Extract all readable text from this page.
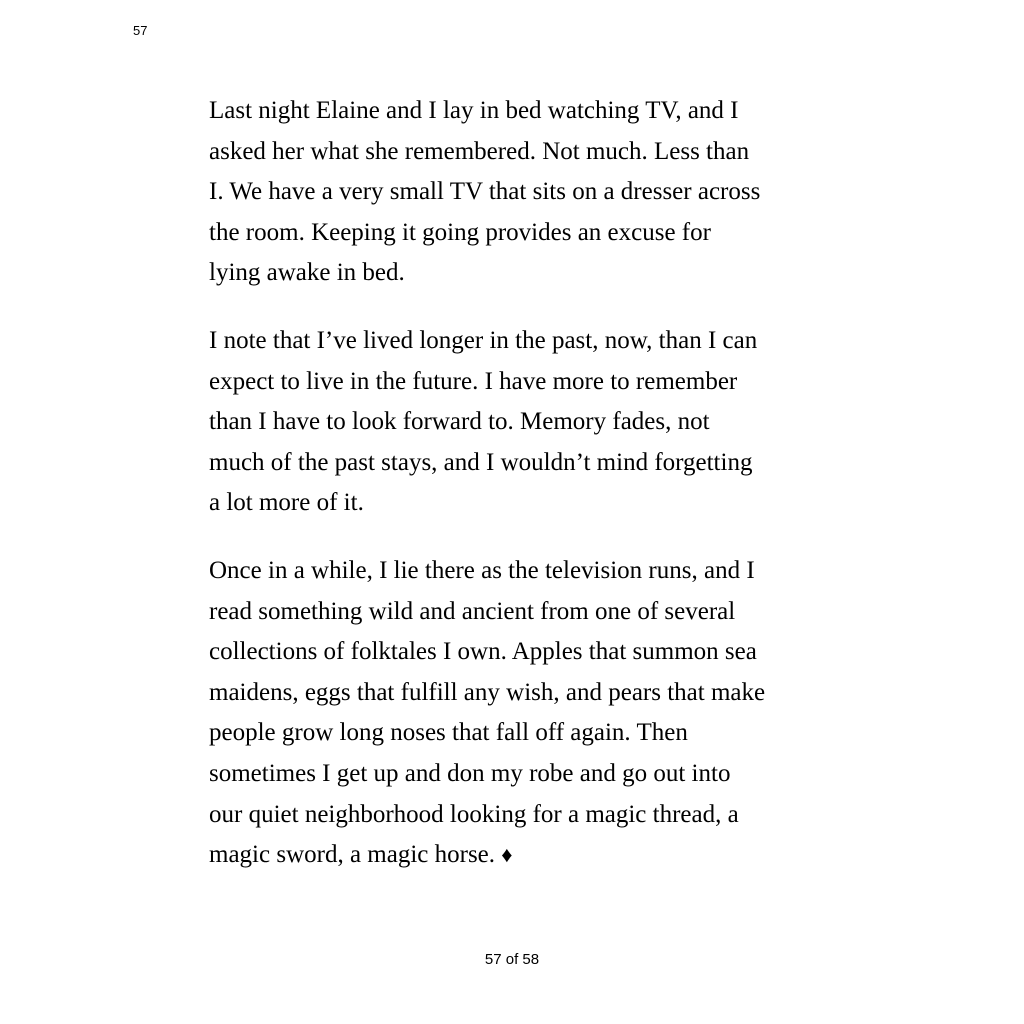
57

Last night Elaine and I lay in bed watching TV, and I
asked her what she remembered. Not much. Less than
I. We have a very small TV that sits on a dresser across
the room. Keeping it going provides an excuse for
lying awake in bed.

I note that I’ve lived longer in the past, now, than I can
expect to live in the future. I have more to remember
than I have to look forward to. Memory fades, not
much of the past stays, and I wouldn’t mind forgetting
a lot more of it.

Once in a while, I lie there as the television runs, and I
read something wild and ancient from one of several
collections of folktales I own. Apples that summon sea
maidens, eggs that fulfill any wish, and pears that make
people grow long noses that fall off again. Then
sometimes I get up and don my robe and go out into
our quiet neighborhood looking for a magic thread, a
magic sword, a magic horse. ♦

57 of 58
